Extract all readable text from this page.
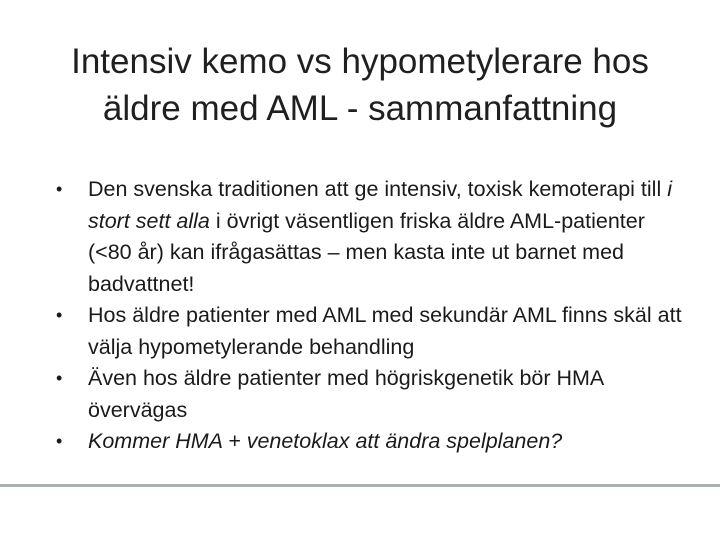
Intensiv kemo vs hypometylerare hos
äldre med AML - sammanfattning
• Den svenska traditionen att ge intensiv, toxisk kemoterapi till i stort sett alla i övrigt väsentligen friska äldre AML-patienter (<80 år) kan ifrågasättas – men kasta inte ut barnet med badvattnet!
• Hos äldre patienter med AML med sekundär AML finns skäl att välja hypometylerande behandling
• Även hos äldre patienter med högriskgenetik bör HMA övervägas
• Kommer HMA + venetoklax att ändra spelplanen?
